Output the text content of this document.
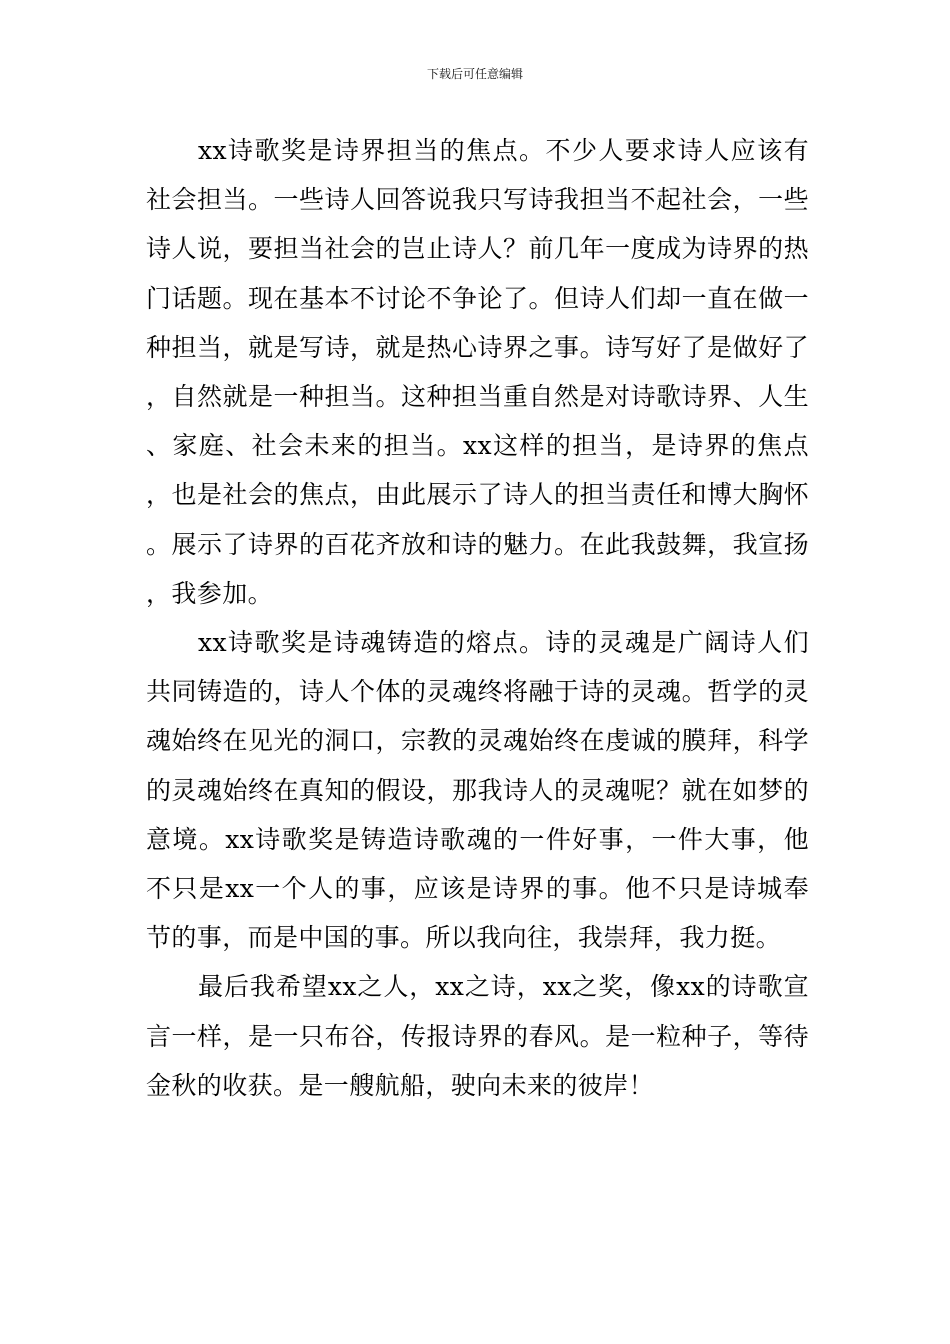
下载后可任意编辑

xx诗歌奖是诗界担当的焦点。不少人要求诗人应该有社会担当。一些诗人回答说我只写诗我担当不起社会，一些诗人说，要担当社会的岂止诗人？前几年一度成为诗界的热门话题。现在基本不讨论不争论了。但诗人们却一直在做一种担当，就是写诗，就是热心诗界之事。诗写好了是做好了，自然就是一种担当。这种担当重自然是对诗歌诗界、人生、家庭、社会未来的担当。xx这样的担当，是诗界的焦点，也是社会的焦点，由此展示了诗人的担当责任和博大胸怀。展示了诗界的百花齐放和诗的魅力。在此我鼓舞，我宣扬，我参加。

xx诗歌奖是诗魂铸造的熔点。诗的灵魂是广阔诗人们共同铸造的，诗人个体的灵魂终将融于诗的灵魂。哲学的灵魂始终在见光的洞口，宗教的灵魂始终在虔诚的膜拜，科学的灵魂始终在真知的假设，那我诗人的灵魂呢？就在如梦的意境。xx诗歌奖是铸造诗歌魂的一件好事，一件大事，他不只是xx一个人的事，应该是诗界的事。他不只是诗城奉节的事，而是中国的事。所以我向往，我崇拜，我力挺。

最后我希望xx之人，xx之诗，xx之奖，像xx的诗歌宣言一样，是一只布谷，传报诗界的春风。是一粒种子，等待金秋的收获。是一艘航船，驶向未来的彼岸！
